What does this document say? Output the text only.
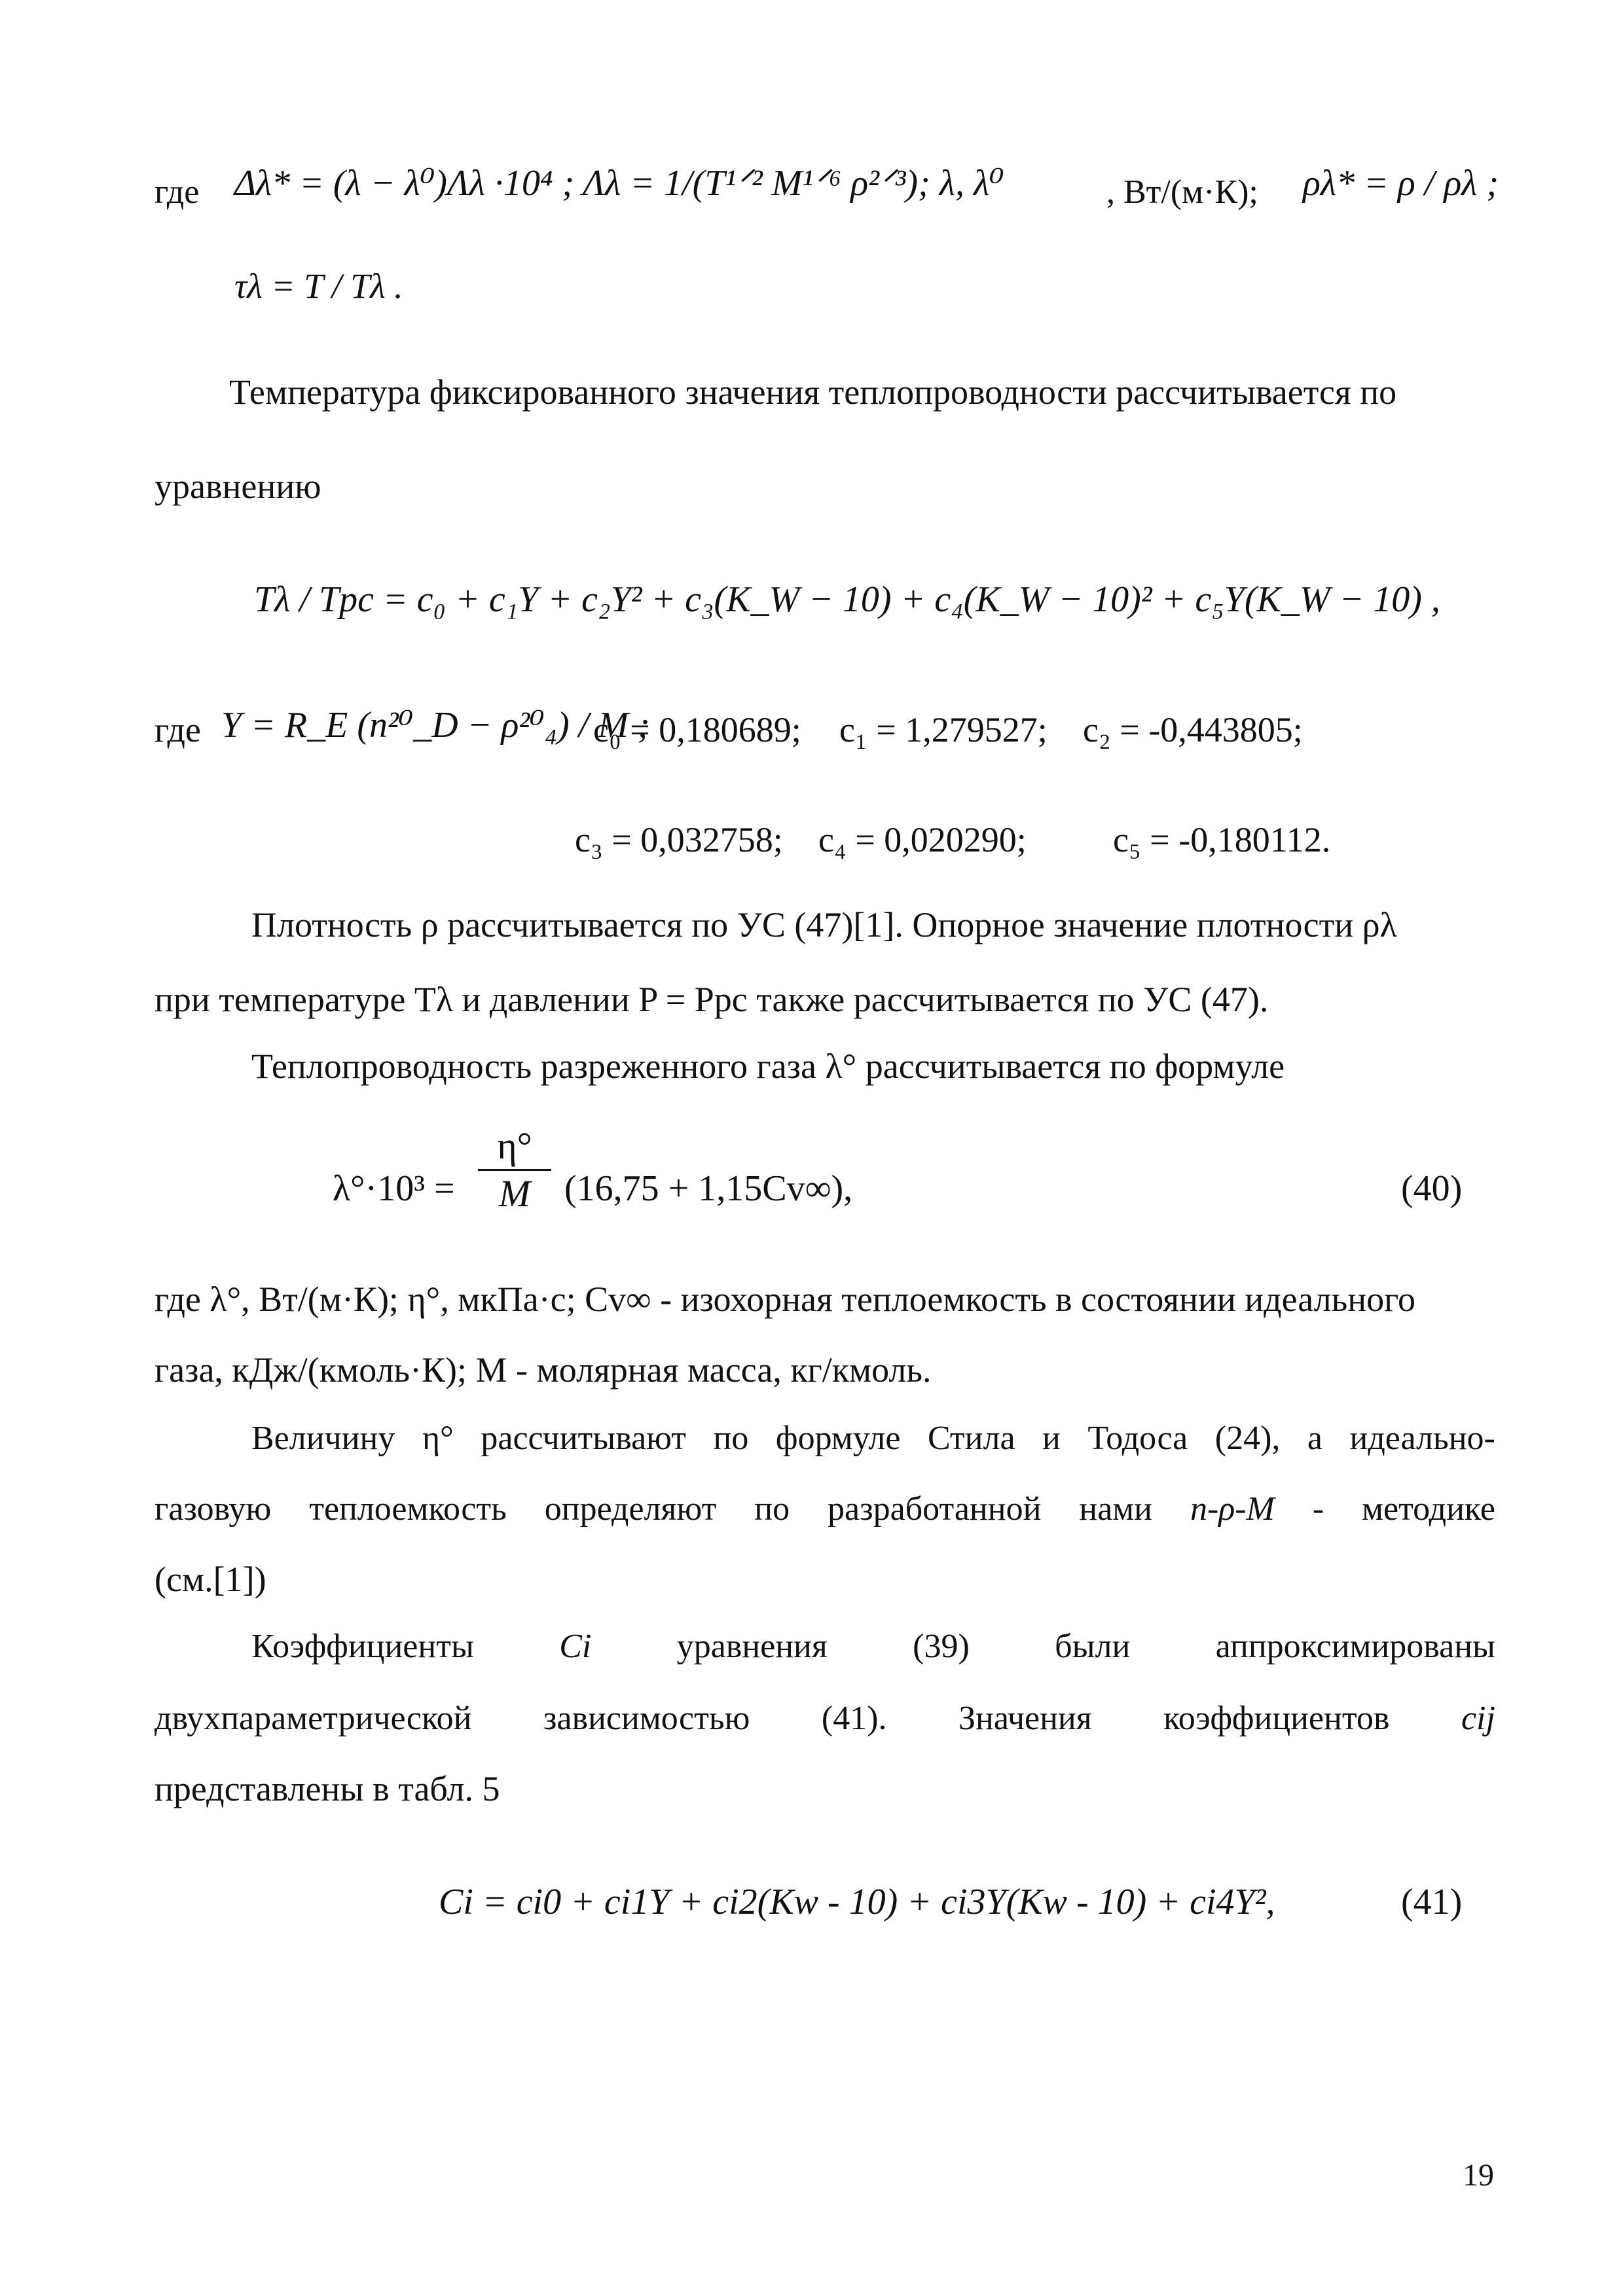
где Δλ* = (λ − λ⁰)Λλ ·10⁴ ; Λλ = 1/(T¹ᐟ² M¹ᐟ⁶ ρ²ᐟ³); λ, λ⁰	, Вт/(м·К); ρλ* = ρ / ρλ ;
τλ = T / Tλ .
Температура фиксированного значения теплопроводности рассчитывается по
уравнению
Tλ / Tpc = c₀ + c₁Y + c₂Y² + c₃(K_W − 10) + c₄(K_W − 10)² + c₅Y(K_W − 10) ,
где Y = R_E (n²⁰_D − ρ²⁰₄) / M ;
c₀ = 0,180689; c₁ = 1,279527; c₂ = -0,443805;
c₃ = 0,032758; c₄ = 0,020290; c₅ = -0,180112.
Плотность ρ рассчитывается по УС (47)[1]. Опорное значение плотности ρλ
при температуре Tλ и давлении P = Ppc также рассчитывается по УС (47).
Теплопроводность разреженного газа λ° рассчитывается по формуле
$\lambda^\circ\cdot 10^3 = \frac{\eta^\circ}{M} (16,75 + 1,15Cv\infty)$,	(40)
где λ°, Вт/(м·К); η°, мкПа·с; Cv∞ - изохорная теплоемкость в состоянии идеального
газа, кДж/(кмоль·К); M - молярная масса, кг/кмоль.
Величину η° рассчитывают по формуле Стила и Тодоса (24), а идеально-
газовую теплоемкость определяют по разработанной нами n-ρ-M - методике
(см.[1])
Коэффициенты	Ci	уравнения	(39)	были	аппроксимированы
двухпараметрической зависимостью (41). Значения коэффициентов cij
представлены в табл. 5
Ci = ci0 + ci1Y + ci2(Kw - 10) + ci3Y(Kw - 10) + ci4Y²,	(41)
19
